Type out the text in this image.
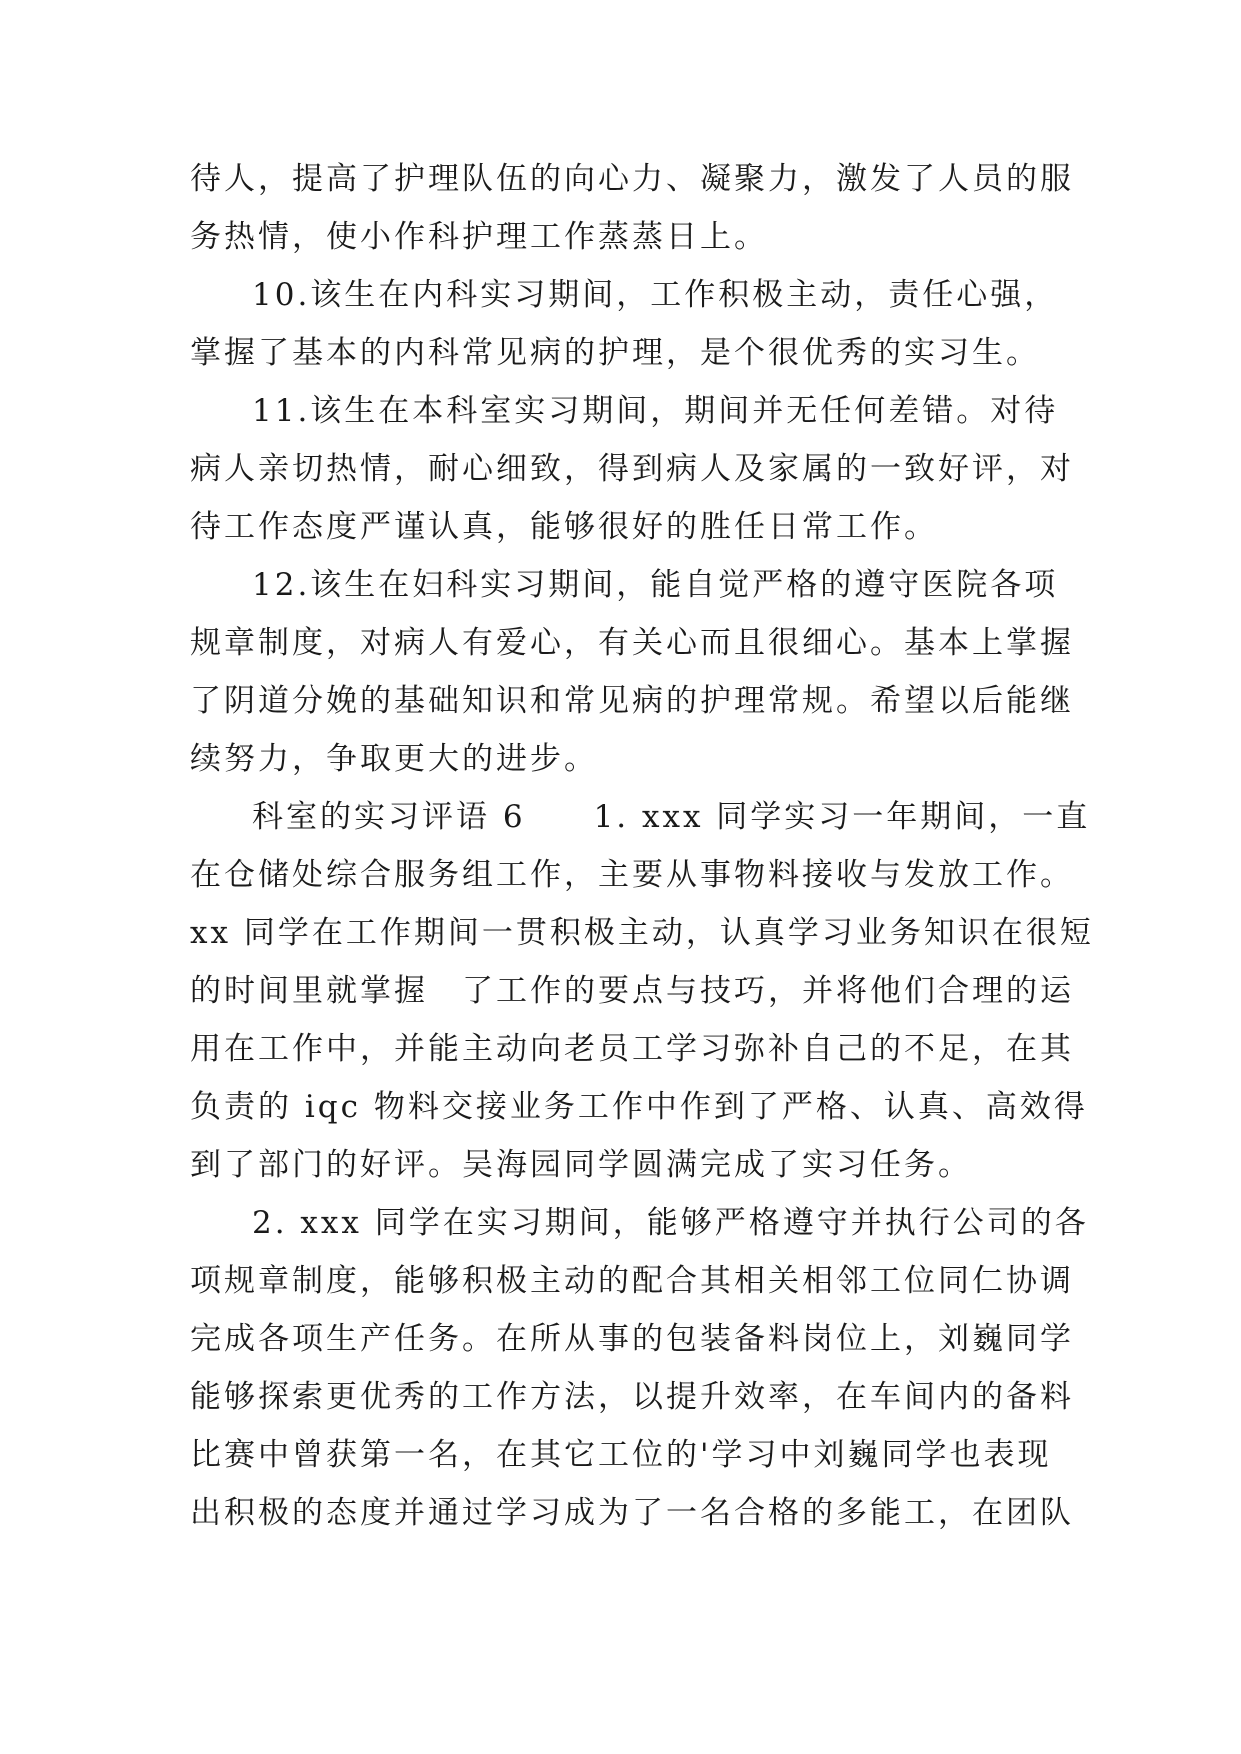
待人，提高了护理队伍的向心力、凝聚力，激发了人员的服
务热情，使小作科护理工作蒸蒸日上。
10.该生在内科实习期间，工作积极主动，责任心强，
掌握了基本的内科常见病的护理，是个很优秀的实习生。
11.该生在本科室实习期间，期间并无任何差错。对待
病人亲切热情，耐心细致，得到病人及家属的一致好评，对
待工作态度严谨认真，能够很好的胜任日常工作。
12.该生在妇科实习期间，能自觉严格的遵守医院各项
规章制度，对病人有爱心，有关心而且很细心。基本上掌握
了阴道分娩的基础知识和常见病的护理常规。希望以后能继
续努力，争取更大的进步。
科室的实习评语 6　　1. xxx 同学实习一年期间，一直
在仓储处综合服务组工作，主要从事物料接收与发放工作。
xx 同学在工作期间一贯积极主动，认真学习业务知识在很短
的时间里就掌握　了工作的要点与技巧，并将他们合理的运
用在工作中，并能主动向老员工学习弥补自己的不足，在其
负责的 iqc 物料交接业务工作中作到了严格、认真、高效得
到了部门的好评。吴海园同学圆满完成了实习任务。
2. xxx 同学在实习期间，能够严格遵守并执行公司的各
项规章制度，能够积极主动的配合其相关相邻工位同仁协调
完成各项生产任务。在所从事的包装备料岗位上，刘巍同学
能够探索更优秀的工作方法，以提升效率，在车间内的备料
比赛中曾获第一名，在其它工位的'学习中刘巍同学也表现
出积极的态度并通过学习成为了一名合格的多能工，在团队
